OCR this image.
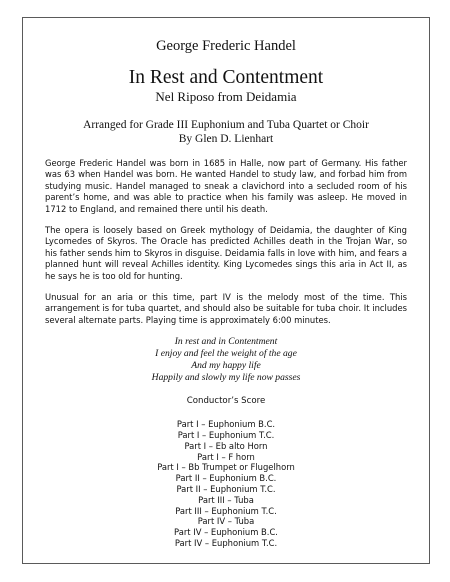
George Frederic Handel
In Rest and Contentment
Nel Riposo from Deidamia
Arranged for Grade III Euphonium and Tuba Quartet or Choir
By Glen D. Lienhart

George Frederic Handel was born in 1685 in Halle, now part of Germany. His father was 63 when Handel was born. He wanted Handel to study law, and forbad him from studying music. Handel managed to sneak a clavichord into a secluded room of his parent’s home, and was able to practice when his family was asleep. He moved in 1712 to England, and remained there until his death.

The opera is loosely based on Greek mythology of Deidamia, the daughter of King Lycomedes of Skyros. The Oracle has predicted Achilles death in the Trojan War, so his father sends him to Skyros in disguise. Deidamia falls in love with him, and fears a planned hunt will reveal Achilles identity. King Lycomedes sings this aria in Act II, as he says he is too old for hunting.

Unusual for an aria or this time, part IV is the melody most of the time. This arrangement is for tuba quartet, and should also be suitable for tuba choir. It includes several alternate parts. Playing time is approximately 6:00 minutes.

In rest and in Contentment
I enjoy and feel the weight of the age
And my happy life
Happily and slowly my life now passes
Conductor’s Score
Part I – Euphonium B.C.
Part I – Euphonium T.C.
Part I – Eb alto Horn
Part I – F horn
Part I – Bb Trumpet or Flugelhorn
Part II – Euphonium B.C.
Part II – Euphonium T.C.
Part III – Tuba
Part III – Euphonium T.C.
Part IV – Tuba
Part IV – Euphonium B.C.
Part IV – Euphonium T.C.
